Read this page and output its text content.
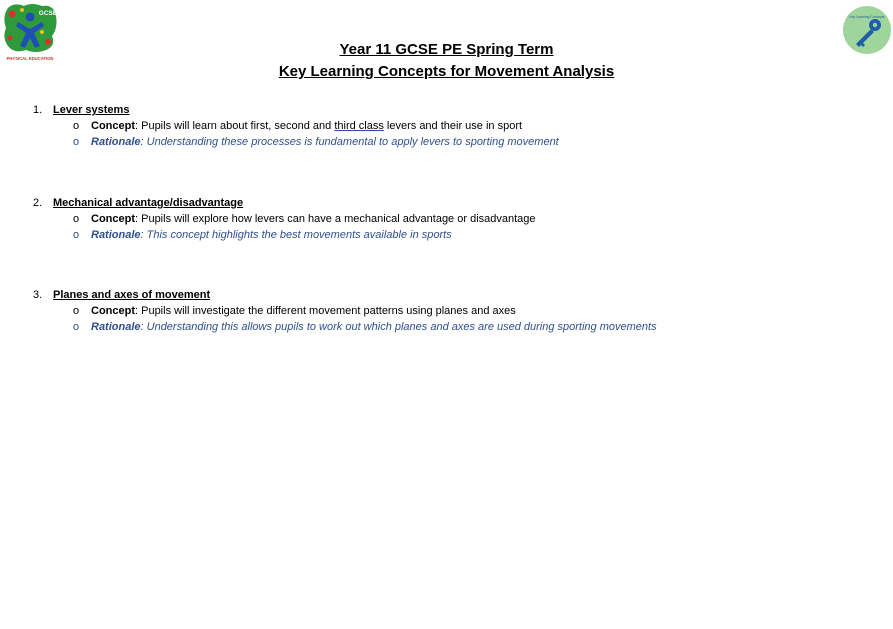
GCSE
PHYSICAL EDUCATION
Key Learning Concepts
Year 11 GCSE PE Spring Term
Key Learning Concepts for Movement Analysis
1. Lever systems
o Concept: Pupils will learn about first, second and third class levers and their use in sport
o Rationale: Understanding these processes is fundamental to apply levers to sporting movement
2. Mechanical advantage/disadvantage
o Concept: Pupils will explore how levers can have a mechanical advantage or disadvantage
o Rationale: This concept highlights the best movements available in sports
3. Planes and axes of movement
o Concept: Pupils will investigate the different movement patterns using planes and axes
o Rationale: Understanding this allows pupils to work out which planes and axes are used during sporting movements
